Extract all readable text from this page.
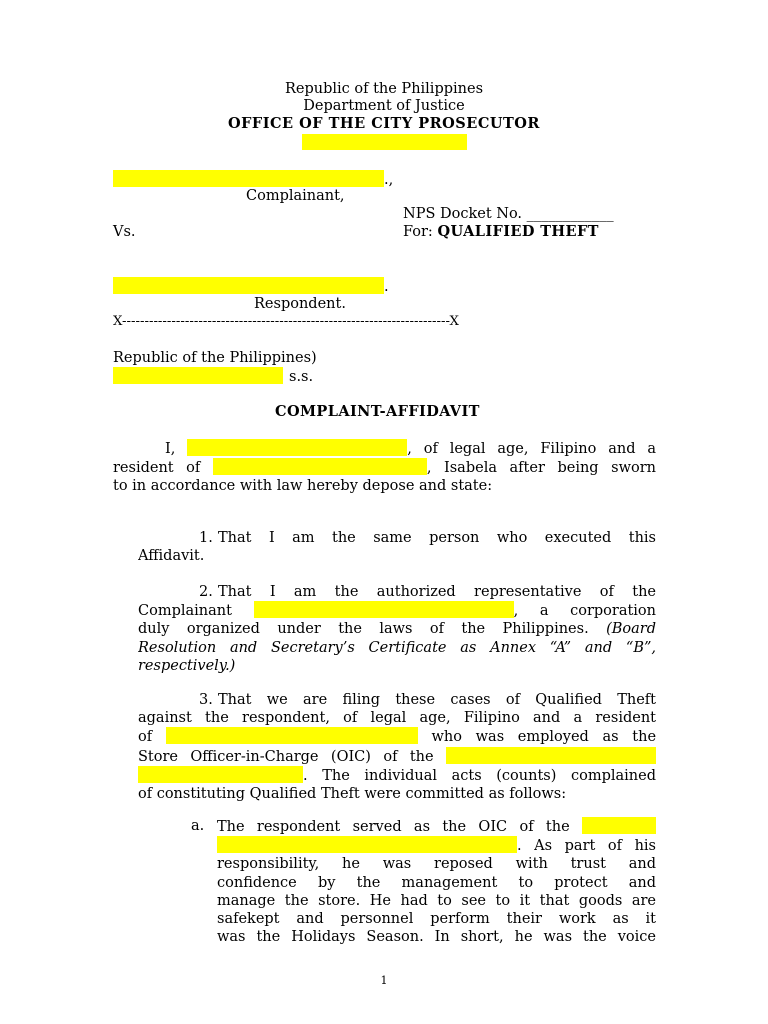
Republic of the Philippines
Department of Justice
OFFICE OF THE CITY PROSECUTOR
.,
Complainant,
NPS Docket No. ____________
Vs.	For: QUALIFIED THEFT
.
Respondent.
X-------------------------------------------------------------------------X
Republic of the Philippines)
s.s.
COMPLAINT-AFFIDAVIT
I,	, of legal age, Filipino and a
resident of	, Isabela after being sworn
to in accordance with law hereby depose and state:
1. That I am the same person who executed this
Affidavit.
2. That I am the authorized representative of the
Complainant	, a corporation
duly organized under the laws of the Philippines. (Board
Resolution and Secretary’s Certificate as Annex “A” and “B”,
respectively.)
3. That we are filing these cases of Qualified Theft
against the respondent, of legal age, Filipino and a resident
of	who was employed as the
Store Officer-in-Charge (OIC) of the
. The individual acts (counts) complained
of constituting Qualified Theft were committed as follows:
a. The respondent served as the OIC of the
. As part of his
responsibility, he was reposed with trust and
confidence by the management to protect and
manage the store. He had to see to it that goods are
safekept and personnel perform their work as it
was the Holidays Season. In short, he was the voice
1
